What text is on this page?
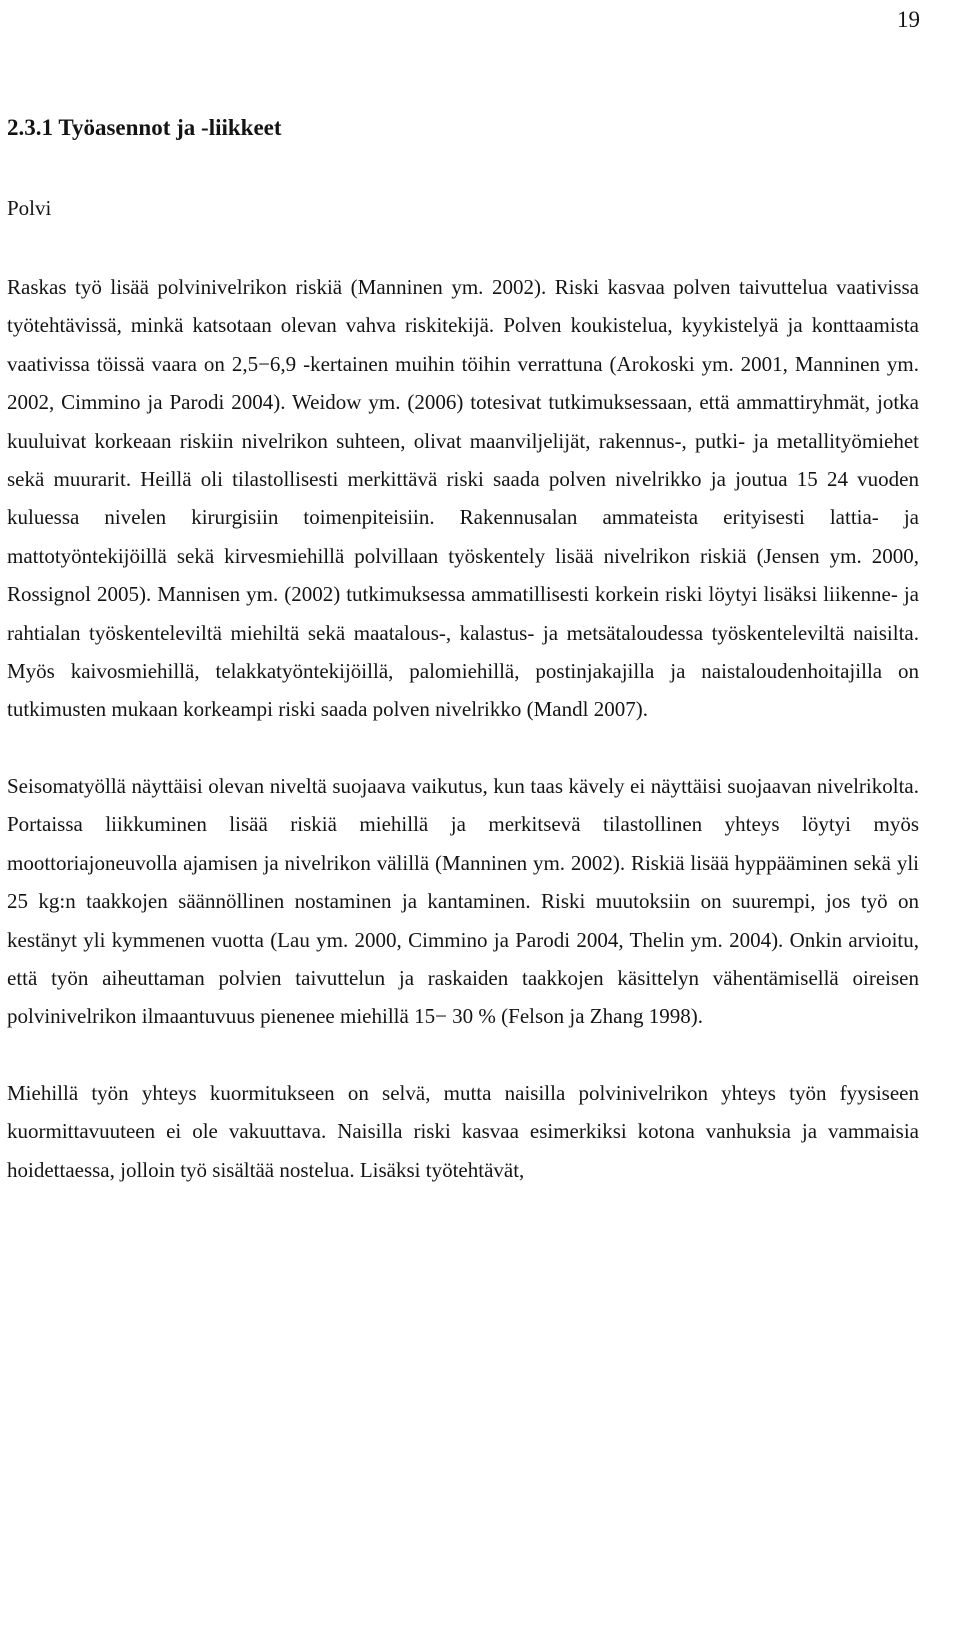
19
2.3.1 Työasennot ja -liikkeet
Polvi

Raskas työ lisää polvinivelrikon riskiä (Manninen ym. 2002). Riski kasvaa polven taivuttelua vaativissa työtehtävissä, minkä katsotaan olevan vahva riskitekijä. Polven koukistelua, kyykistelyä ja konttaamista vaativissa töissä vaara on 2,5−6,9 -kertainen muihin töihin verrattuna (Arokoski ym. 2001, Manninen ym. 2002, Cimmino ja Parodi 2004). Weidow ym. (2006) totesivat tutkimuksessaan, että ammattiryhmät, jotka kuuluivat korkeaan riskiin nivelrikon suhteen, olivat maanviljelijät, rakennus-, putki- ja metallityömiehet sekä muurarit. Heillä oli tilastollisesti merkittävä riski saada polven nivelrikko ja joutua 15 24 vuoden kuluessa nivelen kirurgisiin toimenpiteisiin. Rakennusalan ammateista erityisesti lattia- ja mattotyöntekijöillä sekä kirvesmiehillä polvillaan työskentely lisää nivelrikon riskiä (Jensen ym. 2000, Rossignol 2005). Mannisen ym. (2002) tutkimuksessa ammatillisesti korkein riski löytyi lisäksi liikenne- ja rahtialan työskenteleviltä miehiltä sekä maatalous-, kalastus- ja metsätaloudessa työskenteleviltä naisilta. Myös kaivosmiehillä, telakkatyöntekijöillä, palomiehillä, postinjakajilla ja naistaloudenhoitajilla on tutkimusten mukaan korkeampi riski saada polven nivelrikko (Mandl 2007).

Seisomatyöllä näyttäisi olevan niveltä suojaava vaikutus, kun taas kävely ei näyttäisi suojaavan nivelrikolta. Portaissa liikkuminen lisää riskiä miehillä ja merkitsevä tilastollinen yhteys löytyi myös moottoriajoneuvolla ajamisen ja nivelrikon välillä (Manninen ym. 2002). Riskiä lisää hyppääminen sekä yli 25 kg:n taakkojen säännöllinen nostaminen ja kantaminen. Riski muutoksiin on suurempi, jos työ on kestänyt yli kymmenen vuotta (Lau ym. 2000, Cimmino ja Parodi 2004, Thelin ym. 2004). Onkin arvioitu, että työn aiheuttaman polvien taivuttelun ja raskaiden taakkojen käsittelyn vähentämisellä oireisen polvinivelrikon ilmaantuvuus pienenee miehillä 15− 30 % (Felson ja Zhang 1998).

Miehillä työn yhteys kuormitukseen on selvä, mutta naisilla polvinivelrikon yhteys työn fyysiseen kuormittavuuteen ei ole vakuuttava. Naisilla riski kasvaa esimerkiksi kotona vanhuksia ja vammaisia hoidettaessa, jolloin työ sisältää nostelua. Lisäksi työtehtävät,
